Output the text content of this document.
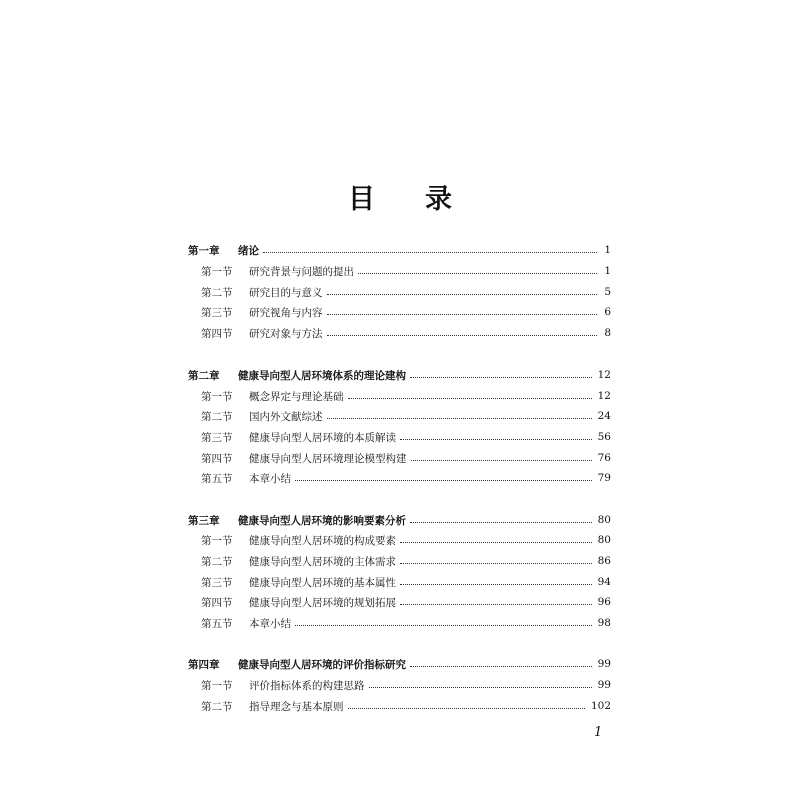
目 录
第一章	绪论	1
第一节	研究背景与问题的提出	1
第二节	研究目的与意义	5
第三节	研究视角与内容	6
第四节	研究对象与方法	8
第二章	健康导向型人居环境体系的理论建构	12
第一节	概念界定与理论基础	12
第二节	国内外文献综述	24
第三节	健康导向型人居环境的本质解读	56
第四节	健康导向型人居环境理论模型构建	76
第五节	本章小结	79
第三章	健康导向型人居环境的影响要素分析	80
第一节	健康导向型人居环境的构成要素	80
第二节	健康导向型人居环境的主体需求	86
第三节	健康导向型人居环境的基本属性	94
第四节	健康导向型人居环境的规划拓展	96
第五节	本章小结	98
第四章	健康导向型人居环境的评价指标研究	99
第一节	评价指标体系的构建思路	99
第二节	指导理念与基本原则	102
1
